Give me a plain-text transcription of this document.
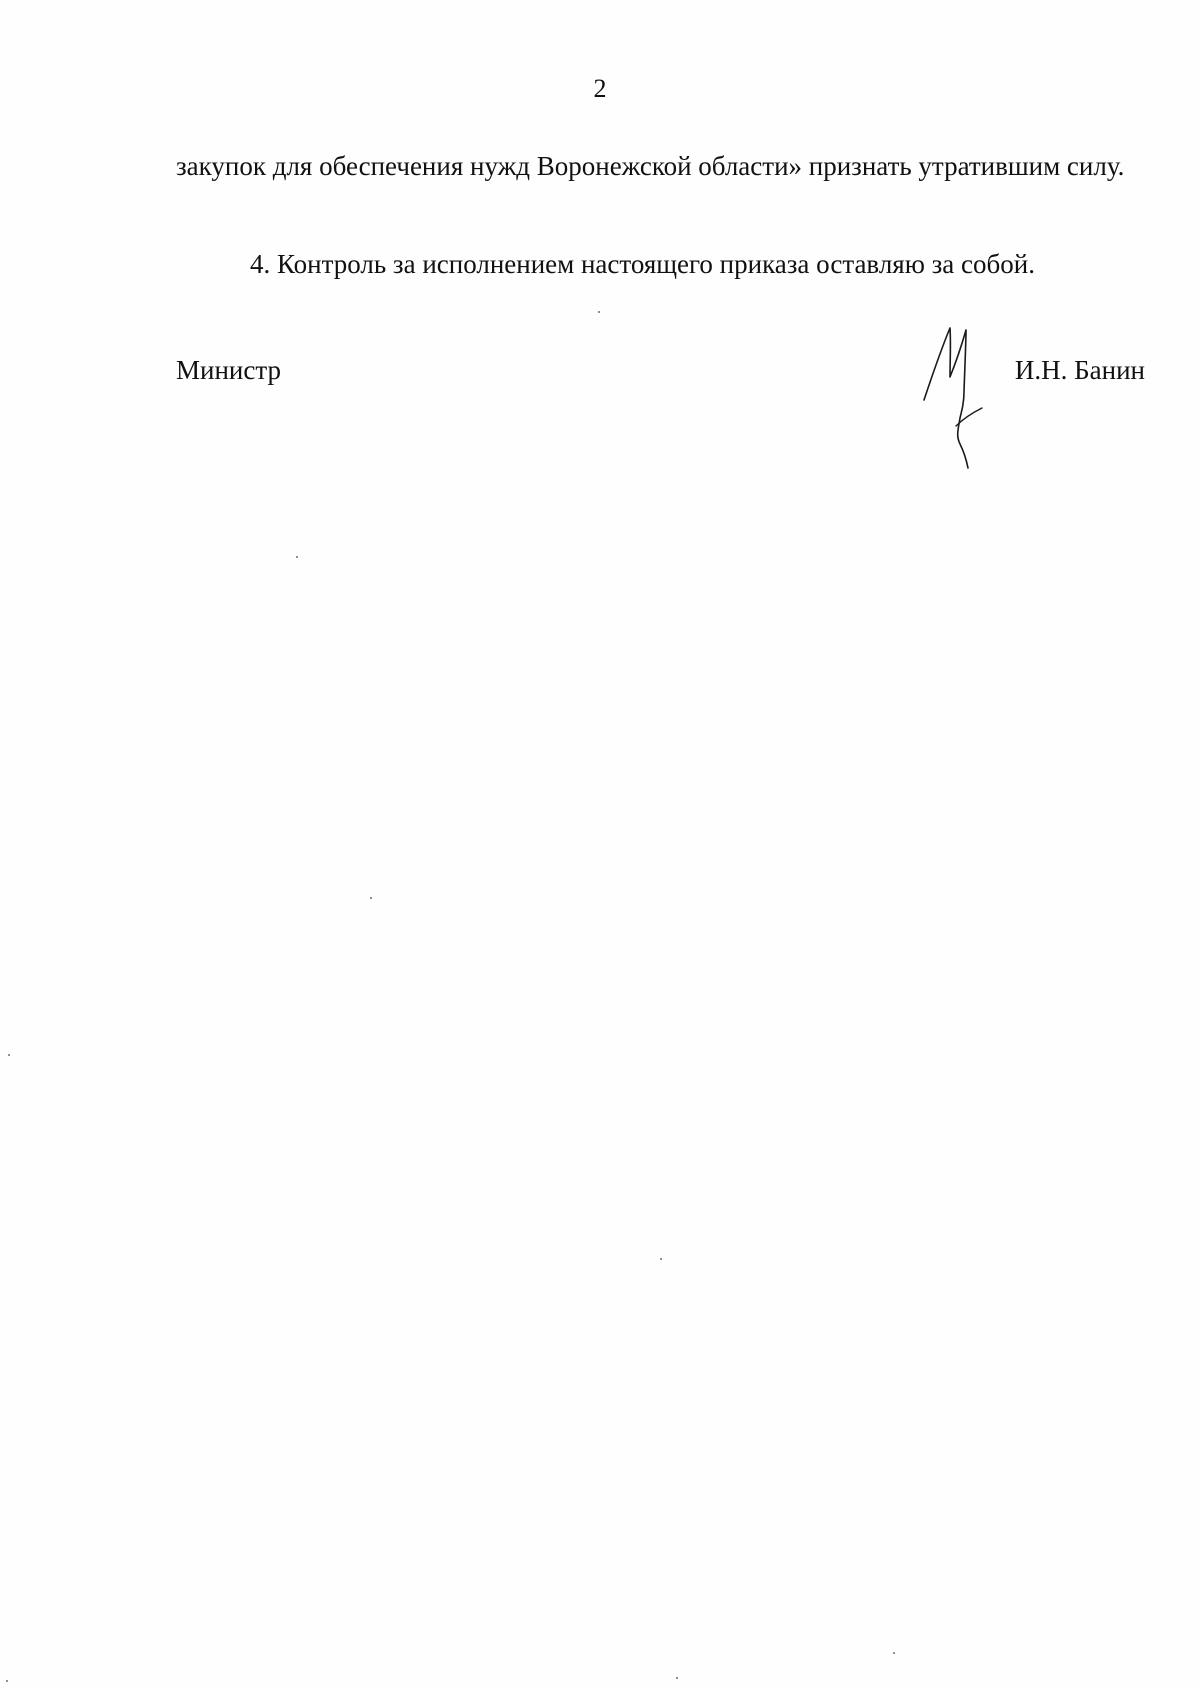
2

закупок для обеспечения нужд Воронежской области» признать утратившим силу.

4. Контроль за исполнением настоящего приказа оставляю за собой.

Министр	И.Н. Банин
